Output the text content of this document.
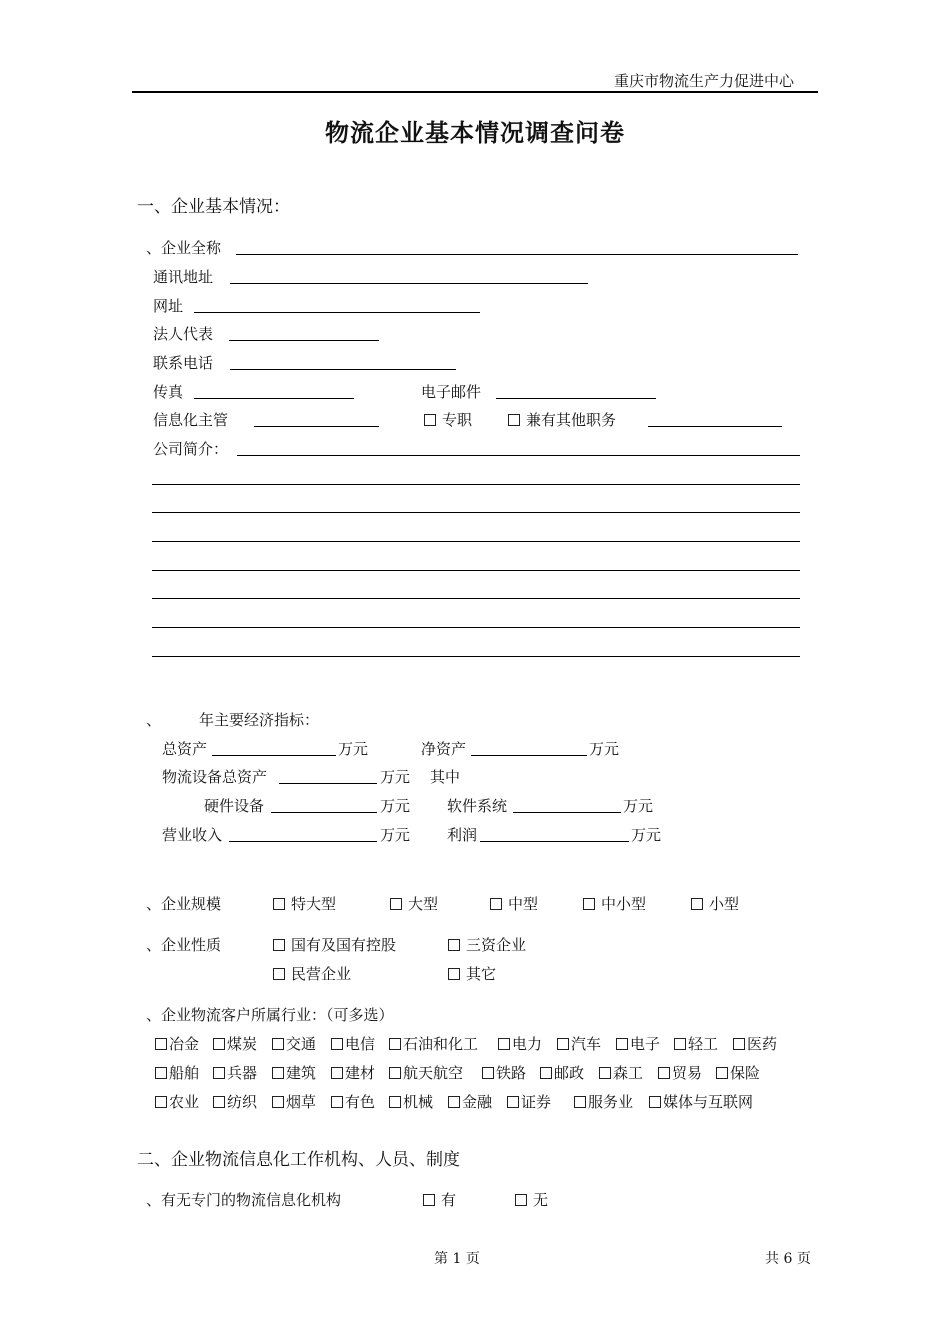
重庆市物流生产力促进中心
物流企业基本情况调查问卷
一、企业基本情况：
、企业全称
通讯地址
网址
法人代表
联系电话
传真	电子邮件
信息化主管	专职	兼有其他职务
公司简介：
、	年主要经济指标：
总资产	万元	净资产	万元
物流设备总资产	万元 其中
硬件设备	万元 软件系统	万元
营业收入	万元 利润	万元
、企业规模	特大型	大型	中型	中小型	小型
、企业性质	国有及国有控股	三资企业
民营企业	其它
、企业物流客户所属行业：（可多选）
冶金	煤炭	交通	电信	石油和化工	电力	汽车	电子	轻工	医药
船舶	兵器	建筑	建材	航天航空	铁路	邮政	森工	贸易	保险
农业	纺织	烟草	有色	机械	金融	证券	服务业	媒体与互联网
二、企业物流信息化工作机构、人员、制度
、有无专门的物流信息化机构	有	无
第 1 页	共 6 页
